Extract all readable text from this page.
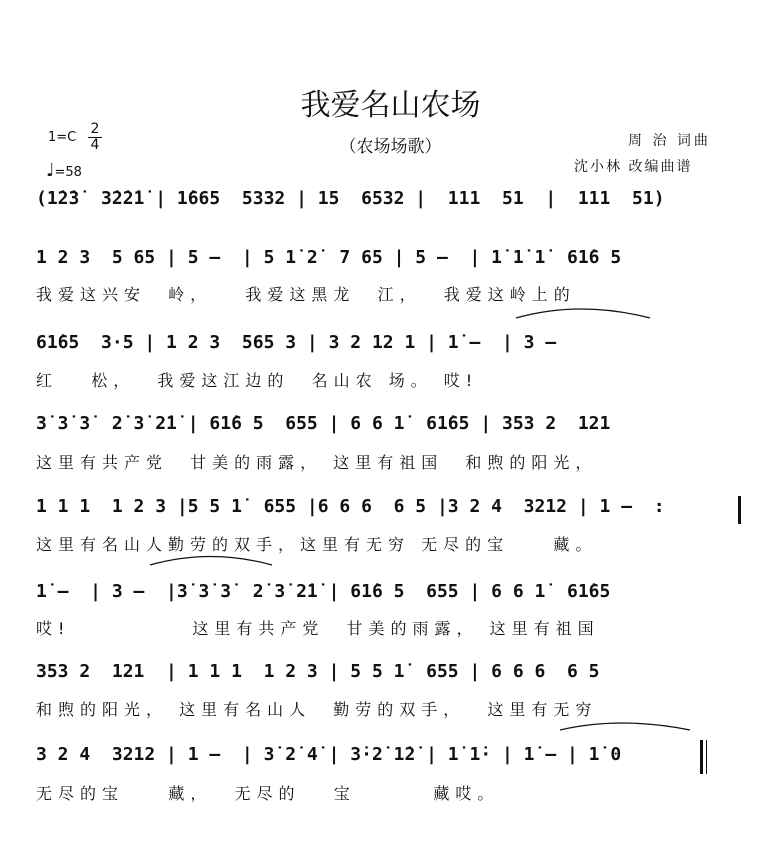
我爱名山农场
（农场场歌）
1=C
2
4
♩=58
周 治 词曲
沈小林 改编曲谱
(1̇2̇3̇  3̇2̇2̇1̇ | 1̇665  5332 | 15  6532 |  111  51  |  111  51)
1 2 3  5 65 | 5 –  | 5 1̇ 2̇  7 65 | 5 –  | 1̇ 1̇ 1̇  61̇6 5
我爱这兴安  岭，   我爱这黑龙  江，  我爱这岭上的
61̇65  3·5 | 1 2 3  565 3 | 3 2 12 1 | 1̇ –  | 3 –
红   松，  我爱这江边的  名山农 场。 哎!
3̇ 3̇ 3̇  2̇ 3̇ 2̇1̇ | 61̇6 5  655 | 6 6 1̇  61̇65 | 353 2  121
这里有共产党  甘美的雨露， 这里有祖国  和煦的阳光，
1 1 1  1 2 3 |5 5 1̇  655 |6 6 6  6 5 |3 2 4  3212 | 1 –  :
这里有名山人勤劳的双手，这里有无穷 无尽的宝    藏。
1̇ –  | 3 –  |3̇ 3̇ 3̇  2̇ 3̇ 2̇1̇ | 61̇6 5  655 | 6 6 1̇  61̇65
哎!           这里有共产党  甘美的雨露， 这里有祖国
353 2  121  | 1 1 1  1 2 3 | 5 5 1̇  655 | 6 6 6  6 5
和煦的阳光， 这里有名山人  勤劳的双手，  这里有无穷
3 2 4  3212 | 1 –  | 3̇ 2̇ 4̇ | 3̇·2̇ 1̇2̇ | 1̇ 1̇· | 1̇ – | 1̇ 0
无尽的宝    藏，  无尽的   宝       藏哎。
